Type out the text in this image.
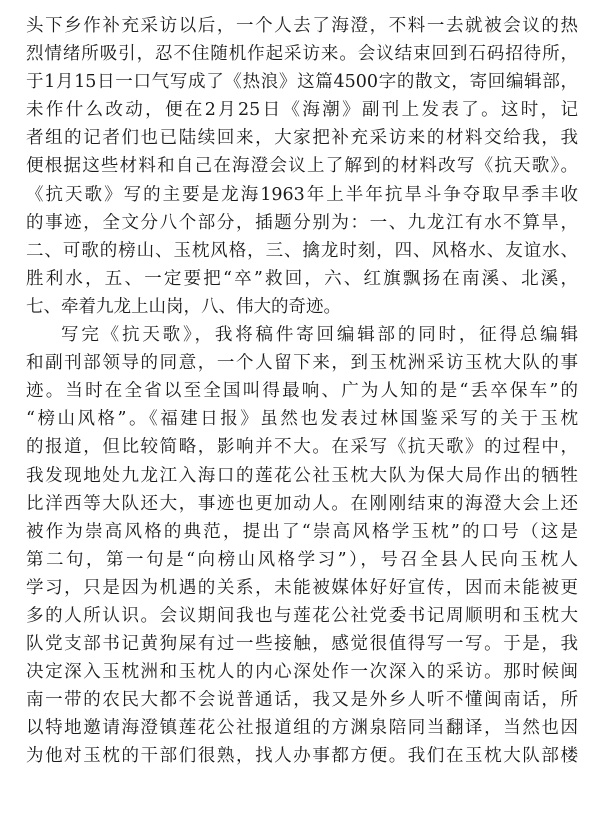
头下乡作补充采访以后，一个人去了海澄，不料一去就被会议的热
烈情绪所吸引，忍不住随机作起采访来。会议结束回到石码招待所，
于1月15日一口气写成了《热浪》这篇4500字的散文，寄回编辑部，
未作什么改动，便在2月25日《海潮》副刊上发表了。这时，记
者组的记者们也已陆续回来，大家把补充采访来的材料交给我，我
便根据这些材料和自己在海澄会议上了解到的材料改写《抗天歌》。
《抗天歌》写的主要是龙海1963年上半年抗旱斗争夺取早季丰收
的事迹，全文分八个部分，插题分别为：一、九龙江有水不算旱，
二、可歌的榜山、玉枕风格，三、擒龙时刻，四、风格水、友谊水、
胜利水，五、一定要把“卒”救回，六、红旗飘扬在南溪、北溪，
七、牵着九龙上山岗，八、伟大的奇迹。
写完《抗天歌》，我将稿件寄回编辑部的同时，征得总编辑
和副刊部领导的同意，一个人留下来，到玉枕洲采访玉枕大队的事
迹。当时在全省以至全国叫得最响、广为人知的是“丢卒保车”的
“榜山风格”。《福建日报》虽然也发表过林国鉴采写的关于玉枕
的报道，但比较简略，影响并不大。在采写《抗天歌》的过程中，
我发现地处九龙江入海口的莲花公社玉枕大队为保大局作出的牺牲
比洋西等大队还大，事迹也更加动人。在刚刚结束的海澄大会上还
被作为崇高风格的典范，提出了“崇高风格学玉枕”的口号（这是
第二句，第一句是“向榜山风格学习”），号召全县人民向玉枕人
学习，只是因为机遇的关系，未能被媒体好好宣传，因而未能被更
多的人所认识。会议期间我也与莲花公社党委书记周顺明和玉枕大
队党支部书记黄狗屎有过一些接触，感觉很值得写一写。于是，我
决定深入玉枕洲和玉枕人的内心深处作一次深入的采访。那时候闽
南一带的农民大都不会说普通话，我又是外乡人听不懂闽南话，所
以特地邀请海澄镇莲花公社报道组的方渊泉陪同当翻译，当然也因
为他对玉枕的干部们很熟，找人办事都方便。我们在玉枕大队部楼
